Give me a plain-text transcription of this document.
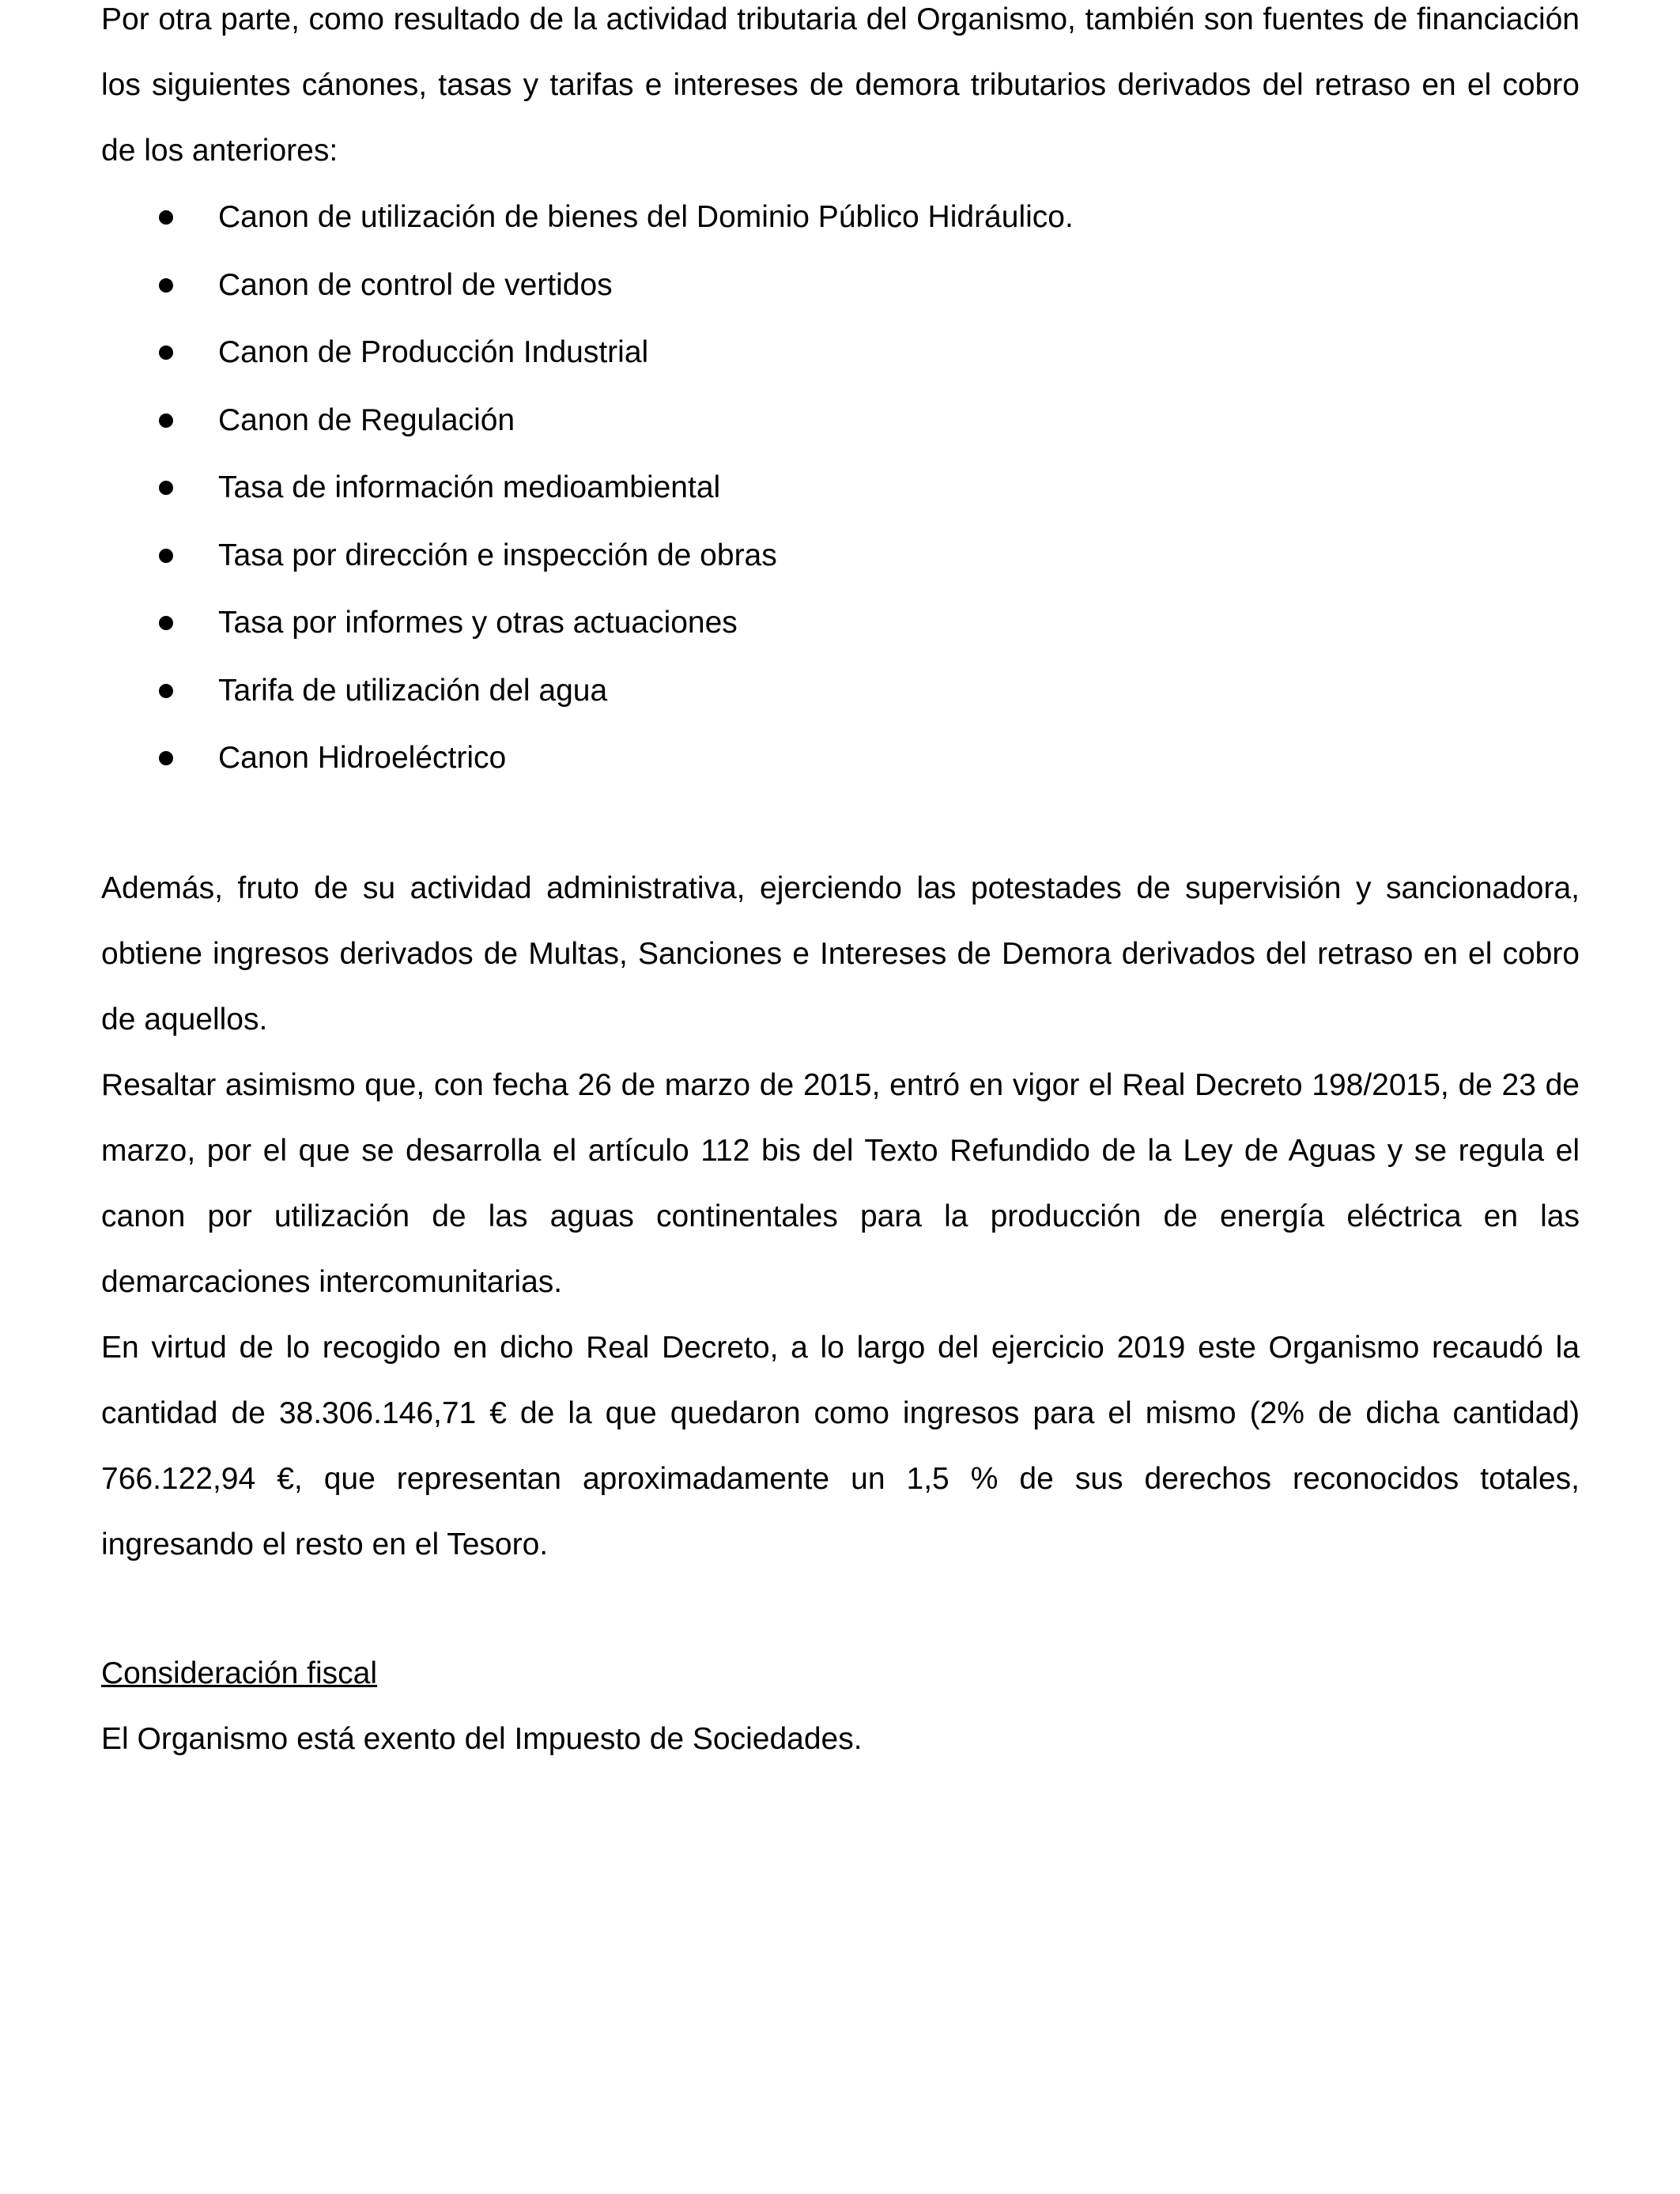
Por otra parte, como resultado de la actividad tributaria del Organismo, también son fuentes de financiación los siguientes cánones, tasas y tarifas e intereses de demora tributarios derivados del retraso en el cobro de los anteriores:

Canon de utilización de bienes del Dominio Público Hidráulico.
Canon de control de vertidos
Canon de Producción Industrial
Canon de Regulación
Tasa de información medioambiental
Tasa por dirección e inspección de obras
Tasa por informes y otras actuaciones
Tarifa de utilización del agua
Canon Hidroeléctrico

Además, fruto de su actividad administrativa, ejerciendo las potestades de supervisión y sancionadora, obtiene ingresos derivados de Multas, Sanciones e Intereses de Demora derivados del retraso en el cobro de aquellos.

Resaltar asimismo que, con fecha 26 de marzo de 2015, entró en vigor el Real Decreto 198/2015, de 23 de marzo, por el que se desarrolla el artículo 112 bis del Texto Refundido de la Ley de Aguas y se regula el canon por utilización de las aguas continentales para la producción de energía eléctrica en las demarcaciones intercomunitarias.

En virtud de lo recogido en dicho Real Decreto, a lo largo del ejercicio 2019 este Organismo recaudó la cantidad de 38.306.146,71 € de la que quedaron como ingresos para el mismo (2% de dicha cantidad) 766.122,94 €, que representan aproximadamente un 1,5 % de sus derechos reconocidos totales, ingresando el resto en el Tesoro.

Consideración fiscal

El Organismo está exento del Impuesto de Sociedades.
